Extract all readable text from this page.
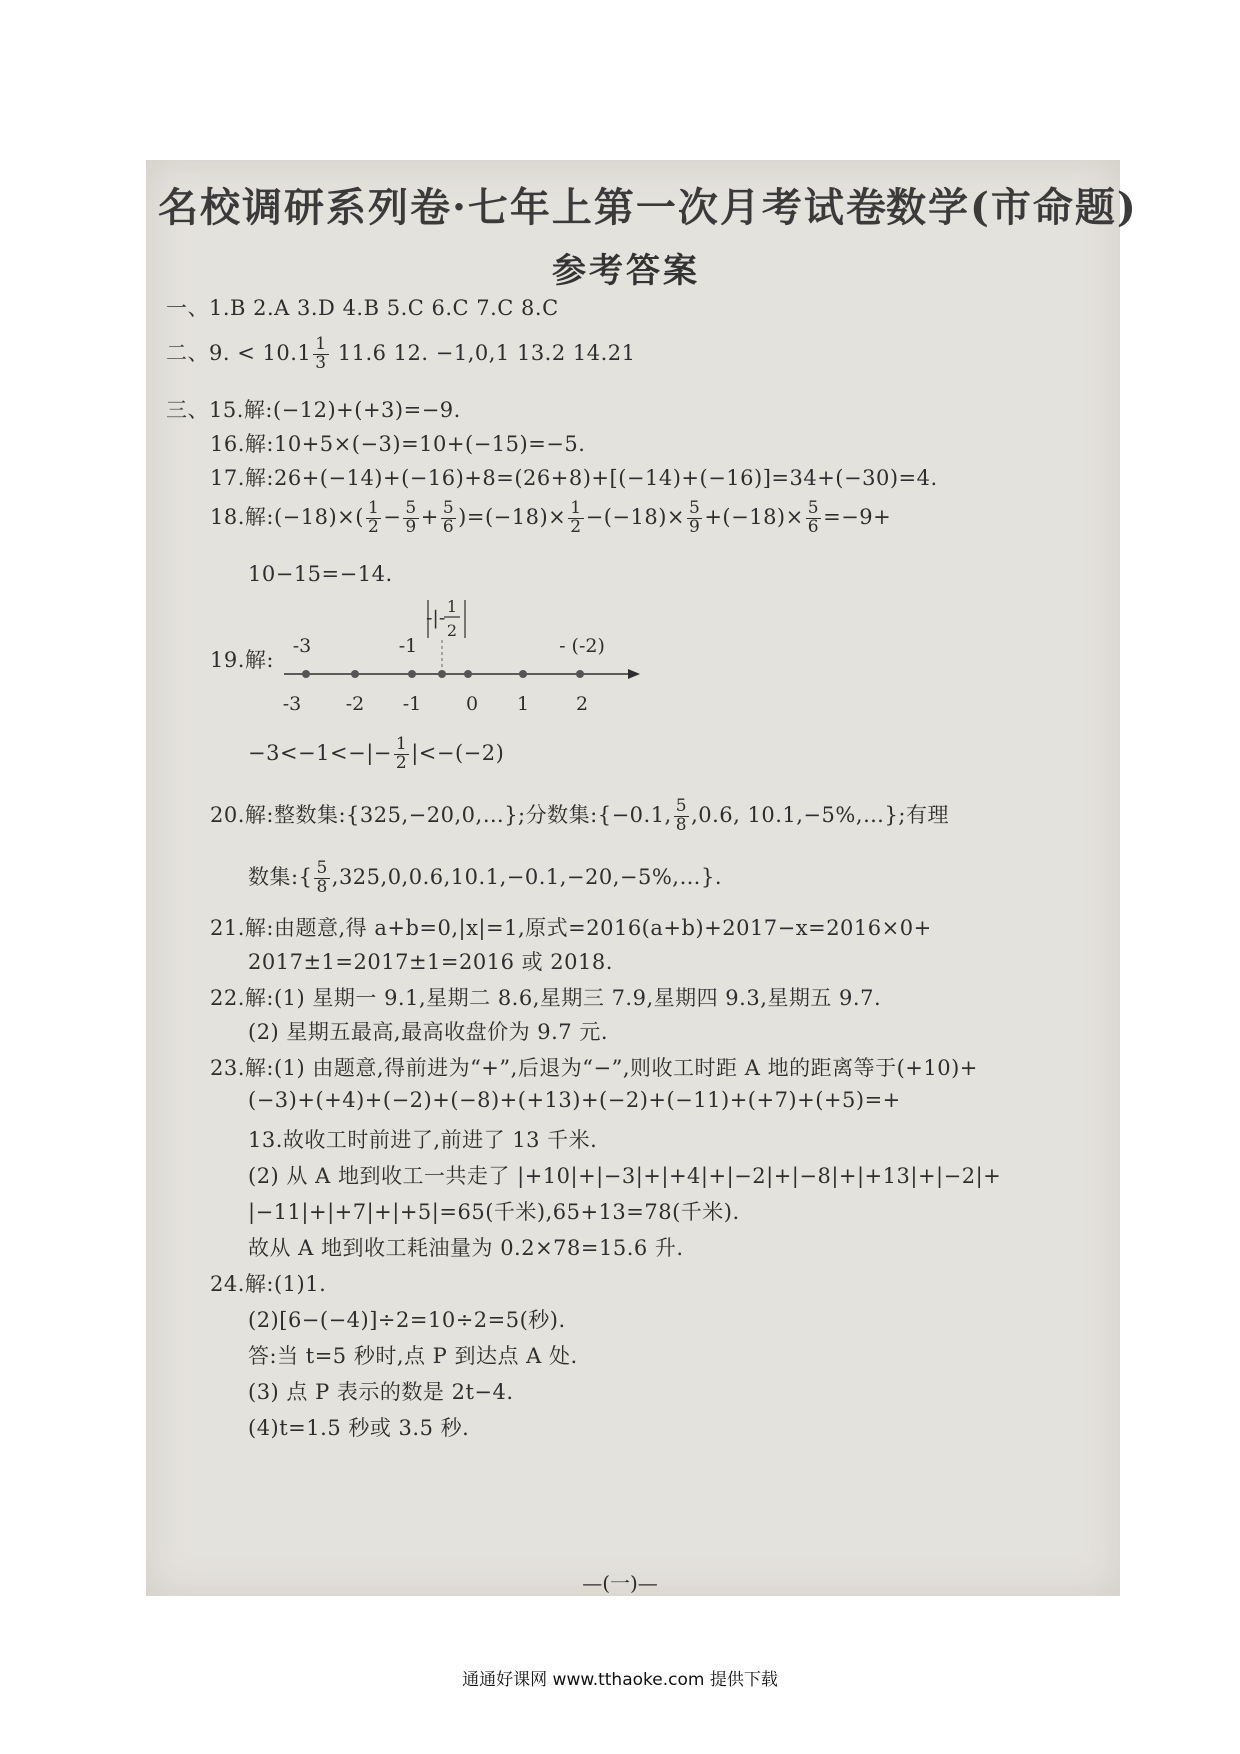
名校调研系列卷·七年上第一次月考试卷
数学(市命题)
参考答案
一、1.B 2.A 3.D 4.B 5.C 6.C 7.C 8.C
二、9. < $10.1 \frac{1}{3} 11.6$ 12. −1,0,1 13.2 14.21
三、15.解:(−12)+(+3)=−9.
16.解:10+5×(−3)=10+(−15)=−5.
17.解:26+(−14)+(−16)+8=(26+8)+[(−14)+(−16)]=34+(−30)=4.
18.解:(−18)×( $\frac{1}{2} - \frac{5}{9} + \frac{5}{6} )=(-18)\times \frac{1}{2} -(-18)\times \frac{5}{9} +(-18)\times \frac{5}{6} =-9+$
10−15=−14.
19.解:
-3 -2 -1 0 1 2
-3	-1	- (-2)
-|-
1
2
$-3<-1<-|- \frac{1}{2} |<-(-2)$
20.解:整数集:{325,−20,0,…};分数集:{−0.1, $\frac{5}{8} ,0.6$, 10.1,−5%,…};有理
数集:{ $\frac{5}{8}$ ,325,0,0.6,10.1,−0.1,−20,−5%,…}.
21.解:由题意,得 a+b=0,|x|=1,原式=2016(a+b)+2017−x=2016×0+
2017±1=2017±1=2016 或 2018.
22.解:(1) 星期一 9.1,星期二 8.6,星期三 7.9,星期四 9.3,星期五 9.7.
(2) 星期五最高,最高收盘价为 9.7 元.
23.解:(1) 由题意,得前进为“+”,后退为“−”,则收工时距 A 地的距离等于(+10)+
(−3)+(+4)+(−2)+(−8)+(+13)+(−2)+(−11)+(+7)+(+5)=+
13.故收工时前进了,前进了 13 千米.
(2) 从 A 地到收工一共走了 |+10|+|−3|+|+4|+|−2|+|−8|+|+13|+|−2|+
|−11|+|+7|+|+5|=65(千米),65+13=78(千米).
故从 A 地到收工耗油量为 0.2×78=15.6 升.
24.解:(1)1.
(2)[6−(−4)]÷2=10÷2=5(秒).
答:当 t=5 秒时,点 P 到达点 A 处.
(3) 点 P 表示的数是 2t−4.
(4)t=1.5 秒或 3.5 秒.
—(一)—
通通好课网 www.tthaoke.com 提供下载
